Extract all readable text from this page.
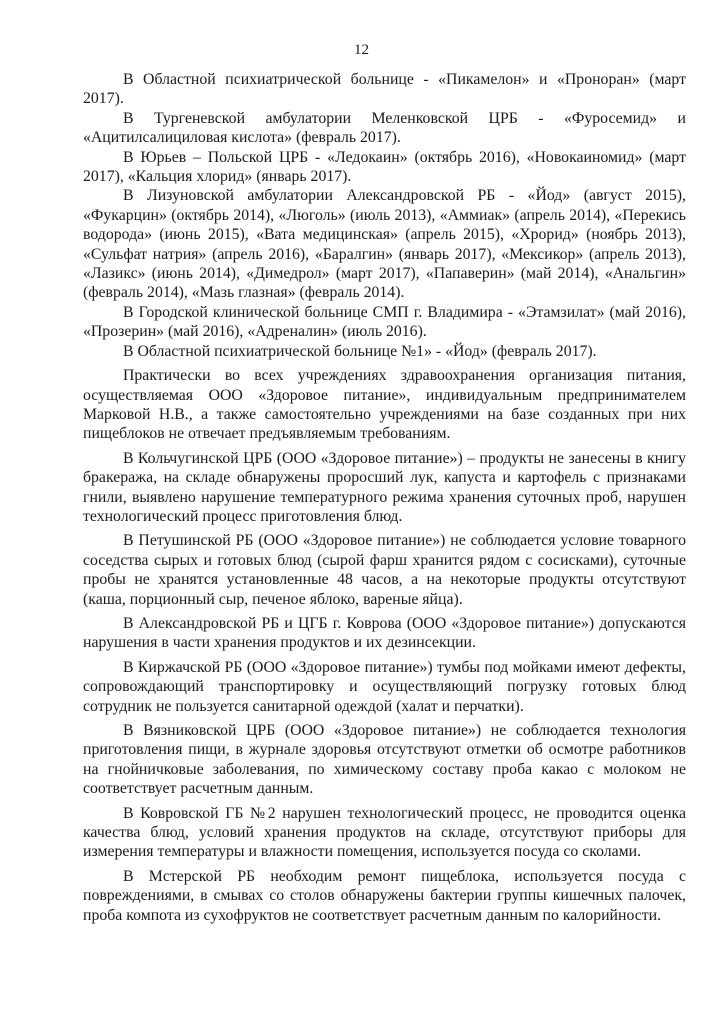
12

В Областной психиатрической больнице - «Пикамелон» и «Проноран» (март 2017).

В Тургеневской амбулатории Меленковской ЦРБ - «Фуросемид» и «Ацитилсалициловая кислота» (февраль 2017).

В Юрьев – Польской ЦРБ - «Ледокаин» (октябрь 2016), «Новокаиномид» (март 2017), «Кальция хлорид» (январь 2017).

В Лизуновской амбулатории Александровской РБ - «Йод» (август 2015), «Фукарцин» (октябрь 2014), «Люголь» (июль 2013), «Аммиак» (апрель 2014), «Перекись водорода» (июнь 2015), «Вата медицинская» (апрель 2015), «Хрорид» (ноябрь 2013), «Сульфат натрия» (апрель 2016), «Баралгин» (январь 2017), «Мексикор» (апрель 2013), «Лазикс» (июнь 2014), «Димедрол» (март 2017), «Папаверин» (май 2014), «Анальгин» (февраль 2014), «Мазь глазная» (февраль 2014).

В Городской клинической больнице СМП г. Владимира - «Этамзилат» (май 2016), «Прозерин» (май 2016), «Адреналин» (июль 2016).

В Областной психиатрической больнице №1» - «Йод» (февраль 2017).

Практически во всех учреждениях здравоохранения организация питания, осуществляемая ООО «Здоровое питание», индивидуальным предпринимателем Марковой Н.В., а также самостоятельно учреждениями на базе созданных при них пищеблоков не отвечает предъявляемым требованиям.

В Кольчугинской ЦРБ (ООО «Здоровое питание») – продукты не занесены в книгу бракеража, на складе обнаружены проросший лук, капуста и картофель с признаками гнили, выявлено нарушение температурного режима хранения суточных проб, нарушен технологический процесс приготовления блюд.

В Петушинской РБ (ООО «Здоровое питание») не соблюдается условие товарного соседства сырых и готовых блюд (сырой фарш хранится рядом с сосисками), суточные пробы не хранятся установленные 48 часов, а на некоторые продукты отсутствуют (каша, порционный сыр, печеное яблоко, вареные яйца).

В Александровской РБ и ЦГБ г. Коврова (ООО «Здоровое питание») допускаются нарушения в части хранения продуктов и их дезинсекции.

В Киржачской РБ (ООО «Здоровое питание») тумбы под мойками имеют дефекты, сопровождающий транспортировку и осуществляющий погрузку готовых блюд сотрудник не пользуется санитарной одеждой (халат и перчатки).

В Вязниковской ЦРБ (ООО «Здоровое питание») не соблюдается технология приготовления пищи, в журнале здоровья отсутствуют отметки об осмотре работников на гнойничковые заболевания, по химическому составу проба какао с молоком не соответствует расчетным данным.

В Ковровской ГБ №2 нарушен технологический процесс, не проводится оценка качества блюд, условий хранения продуктов на складе, отсутствуют приборы для измерения температуры и влажности помещения, используется посуда со сколами.

В Мстерской РБ необходим ремонт пищеблока, используется посуда с повреждениями, в смывах со столов обнаружены бактерии группы кишечных палочек, проба компота из сухофруктов не соответствует расчетным данным по калорийности.
